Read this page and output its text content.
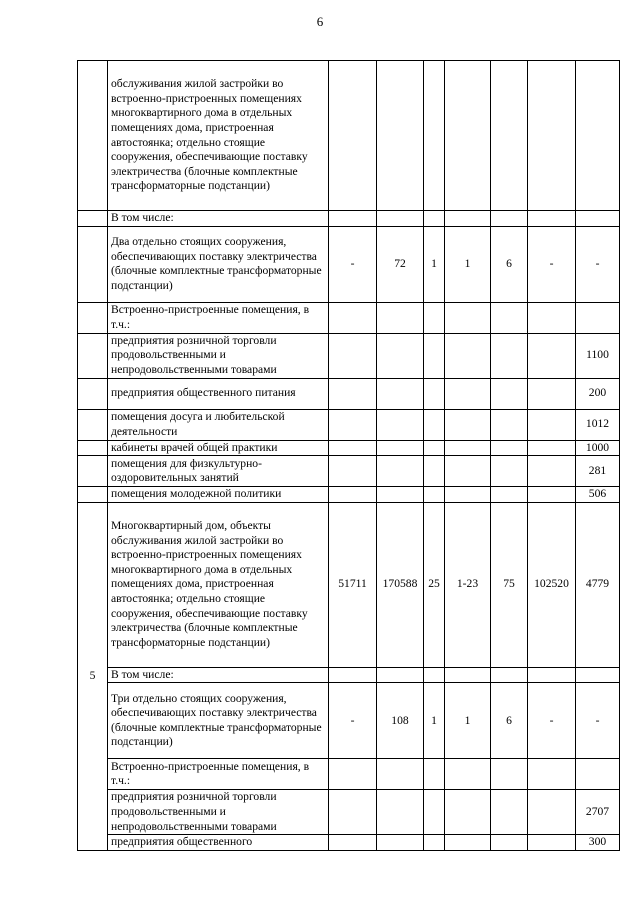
6
	обслуживания жилой застройки во встроенно-пристроенных помещениях многоквартирного дома в отдельных помещениях дома, пристроенная автостоянка; отдельно стоящие сооружения, обеспечивающие поставку электричества (блочные комплектные трансформаторные подстанции)							
	В том числе:							
	Два отдельно стоящих сооружения, обеспечивающих поставку электричества (блочные комплектные трансформаторные подстанции)	-	72	1	1	6	-	-
	Встроенно-пристроенные помещения, в т.ч.:							
	предприятия розничной торговли продовольственными и непродовольственными товарами							1100
	предприятия общественного питания							200
	помещения досуга и любительской деятельности							1012
	кабинеты врачей общей практики							1000
	помещения для физкультурно-оздоровительных занятий							281
	помещения молодежной политики							506
5	Многоквартирный дом, объекты обслуживания жилой застройки во встроенно-пристроенных помещениях многоквартирного дома в отдельных помещениях дома, пристроенная автостоянка; отдельно стоящие сооружения, обеспечивающие поставку электричества (блочные комплектные трансформаторные подстанции)	51711	170588	25	1-23	75	102520	4779
	В том числе:							
	Три отдельно стоящих сооружения, обеспечивающих поставку электричества (блочные комплектные трансформаторные подстанции)	-	108	1	1	6	-	-
	Встроенно-пристроенные помещения, в т.ч.:							
	предприятия розничной торговли продовольственными и непродовольственными товарами							2707
	предприятия общественного							300
